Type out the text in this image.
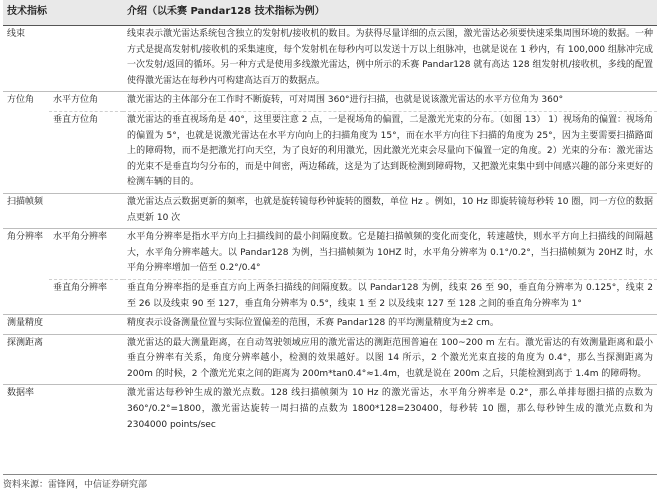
技术指标		介绍（以禾赛 Pandar128 技术指标为例）
线束		线束表示激光雷达系统包含独立的发射机/接收机的数目。为获得尽量详细的点云图，激光雷达必须要快速采集周围环境的数据。一种方式是提高发射机/接收机的采集速度，每个发射机在每秒内可以发送十万以上组脉冲，也就是说在 1 秒内，有 100,000 组脉冲完成一次发射/返回的循环。另一种方式是使用多线激光雷达，例中所示的禾赛 Pandar128 就有高达 128 组发射机/接收机，多线的配置使得激光雷达在每秒内可构建高达百万的数据点。
方位角	水平方位角	激光雷达的主体部分在工作时不断旋转，可对周围 360°进行扫描，也就是说该激光雷达的水平方位角为 360°
	垂直方位角	激光雷达的垂直视场角是 40°，这里要注意 2 点，一是视场角的偏置，二是激光光束的分布。（如图 13） 1）视场角的偏置：视场角的偏置为 5°，也就是说激光雷达在水平方向向上的扫描角度为 15°，而在水平方向往下扫描的角度为 25°，因为主要需要扫描路面上的障碍物，而不是把激光打向天空，为了良好的利用激光，因此激光光束会尽量向下偏置一定的角度。2）光束的分布：激光雷达的光束不是垂直均匀分布的，而是中间密，两边稀疏，这是为了达到既检测到障碍物，又把激光束集中到中间感兴趣的部分来更好的检测车辆的目的。
扫描帧频		激光雷达点云数据更新的频率，也就是旋转镜每秒钟旋转的圈数，单位 Hz 。例如，10 Hz 即旋转镜每秒转 10 圈，同一方位的数据点更新 10 次
角分辨率	水平角分辨率	水平角分辨率是指水平方向上扫描线间的最小间隔度数。它是随扫描帧频的变化而变化，转速越快，则水平方向上扫描线的间隔越大，水平角分辨率越大。以 Pandar128 为例，当扫描帧频为 10HZ 时，水平角分辨率为 0.1°/0.2°，当扫描帧频为 20HZ 时，水平角分辨率增加一倍至 0.2°/0.4°
	垂直角分辨率	垂直角分辨率指的是垂直方向上两条扫描线的间隔度数。以 Pandar128 为例，线束 26 至 90，垂直角分辨率为 0.125°，线束 2 至 26 以及线束 90 至 127，垂直角分辨率为 0.5°，线束 1 至 2 以及线束 127 至 128 之间的垂直角分辨率为 1°
测量精度		精度表示设备测量位置与实际位置偏差的范围，禾赛 Pandar128 的平均测量精度为±2 cm。
探测距离		激光雷达的最大测量距离，在自动驾驶领域应用的激光雷达的测距范围普遍在 100~200 m 左右。激光雷达的有效测量距离和最小垂直分辨率有关系，角度分辨率越小，检测的效果越好。以图 14 所示，2 个激光光束直接的角度为 0.4°，那么当探测距离为 200m 的时候，2 个激光光束之间的距离为 200m*tan0.4°≈1.4m，也就是说在 200m 之后，只能检测到高于 1.4m 的障碍物。
数据率		激光雷达每秒钟生成的激光点数。128 线扫描帧频为 10 Hz 的激光雷达，水平角分辨率是 0.2°，那么单排每圈扫描的点数为 360°/0.2°=1800，激光雷达旋转一周扫描的点数为 1800*128=230400，每秒转 10 圈，那么每秒钟生成的激光点数和为 2304000 points/sec
资料来源：雷锋网，中信证券研究部
